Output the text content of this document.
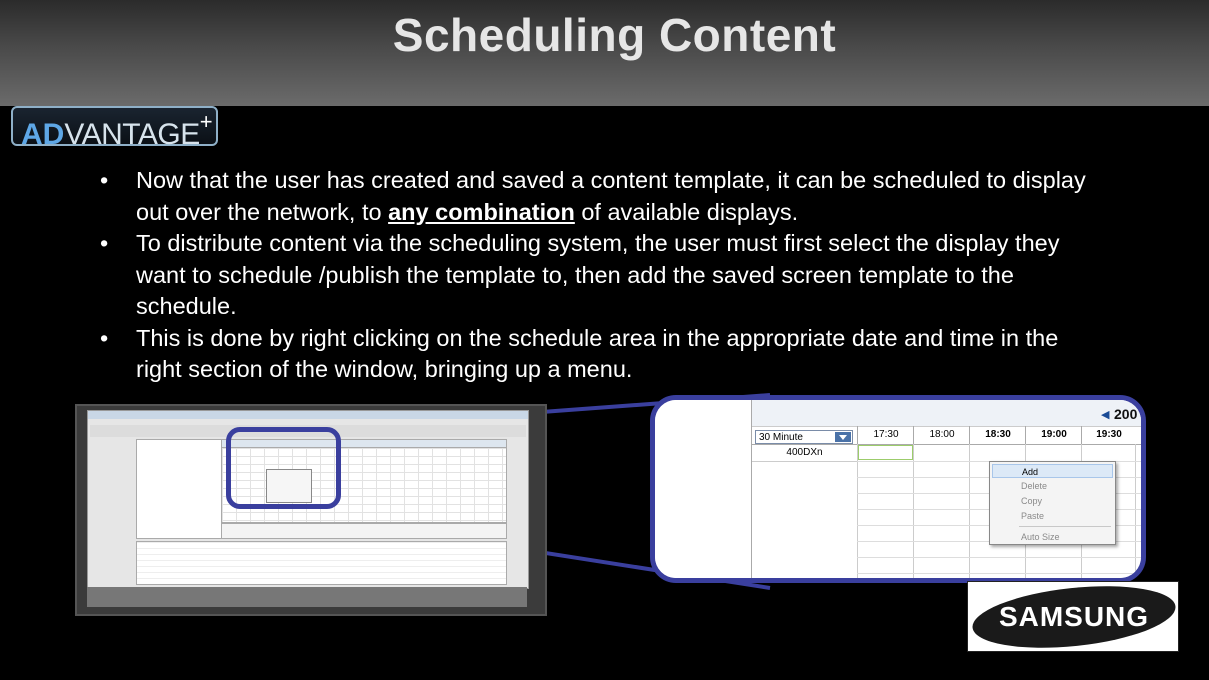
Scheduling Content
ADVANTAGE+
• Now that the user has created and saved a content template, it can be scheduled to display out over the network, to any combination of available displays.
• To distribute content via the scheduling system, the user must first select the display they want to schedule /publish the template to, then add the saved screen template to the schedule.
• This is done by right clicking on the schedule area in the appropriate date and time in the right section of the window, bringing up a menu.
◀ 200
30 Minute	17:30	18:00	18:30	19:00	19:30
400DXn
Add
Delete
Copy
Paste
Auto Size
SAMSUNG
